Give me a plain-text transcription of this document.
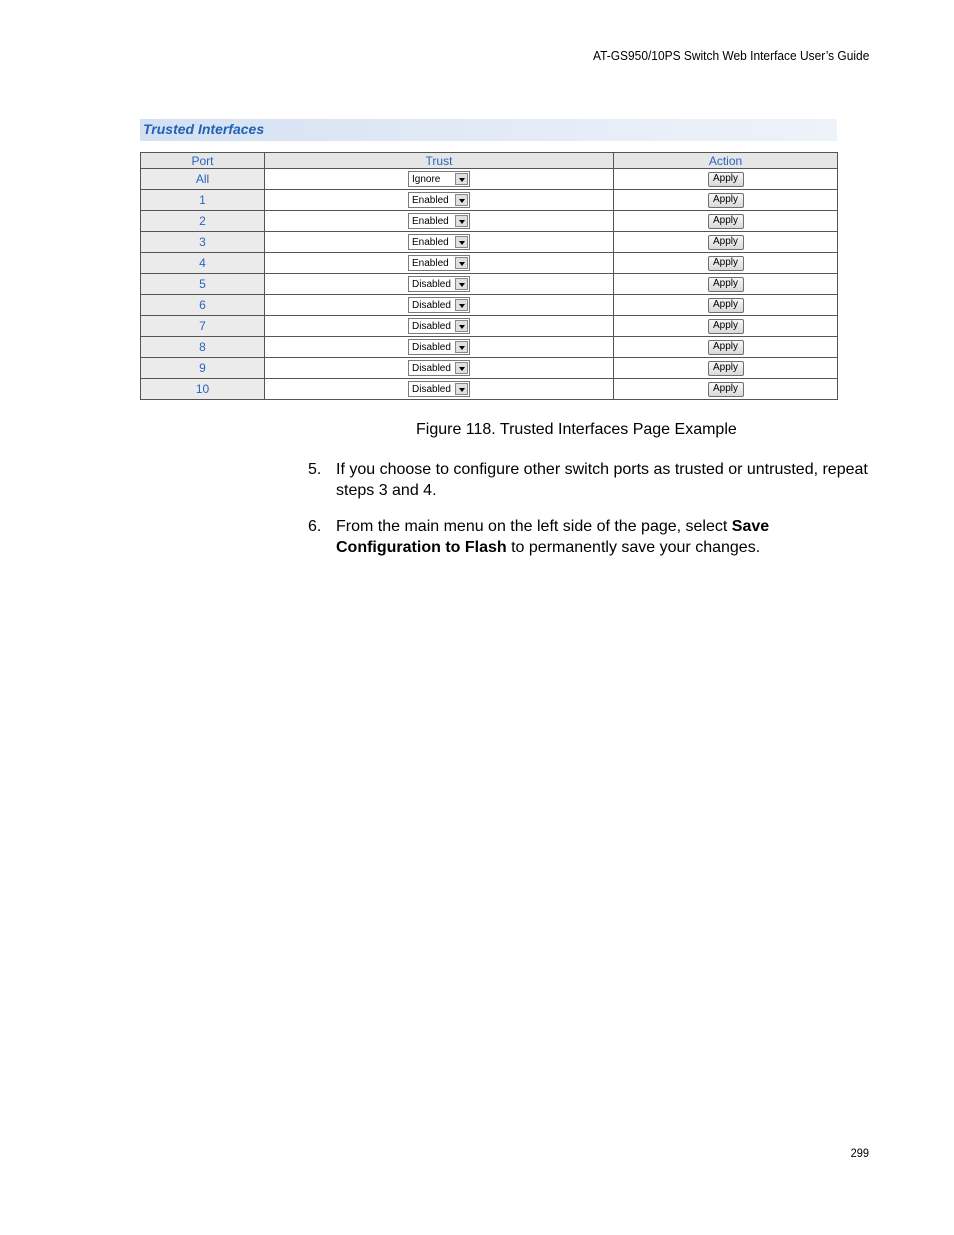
AT-GS950/10PS Switch Web Interface User’s Guide
Trusted Interfaces
Port	Trust	Action
All	Ignore	Apply
1	Enabled	Apply
2	Enabled	Apply
3	Enabled	Apply
4	Enabled	Apply
5	Disabled	Apply
6	Disabled	Apply
7	Disabled	Apply
8	Disabled	Apply
9	Disabled	Apply
10	Disabled	Apply
Figure 118. Trusted Interfaces Page Example
5. If you choose to configure other switch ports as trusted or untrusted, repeat steps 3 and 4.
6. From the main menu on the left side of the page, select Save Configuration to Flash to permanently save your changes.
299
